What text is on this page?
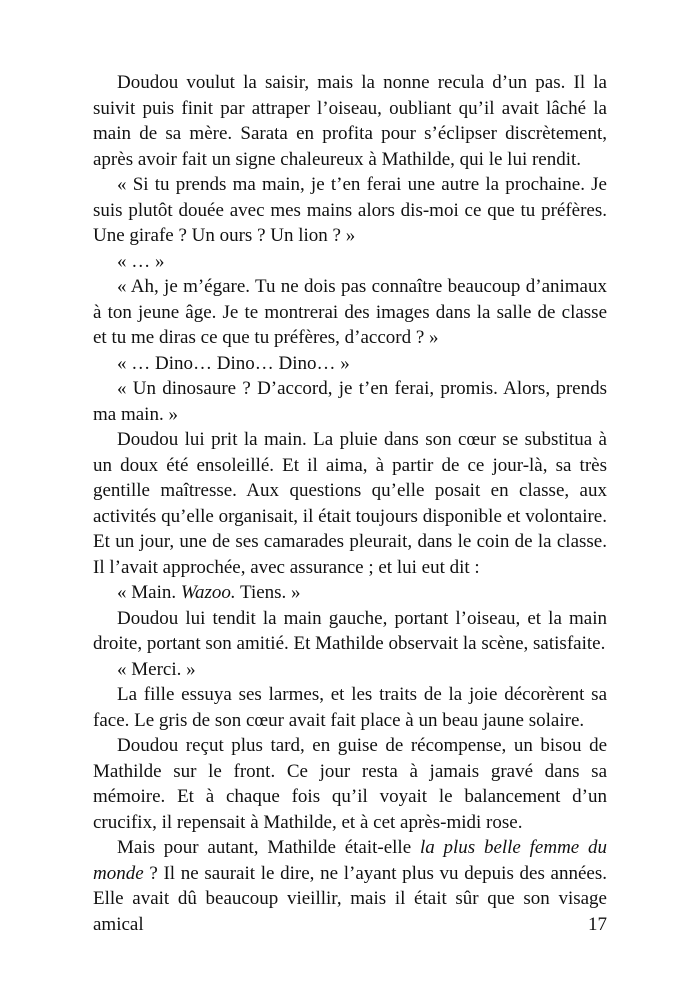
Doudou voulut la saisir, mais la nonne recula d’un pas. Il la suivit puis finit par attraper l’oiseau, oubliant qu’il avait lâché la main de sa mère. Sarata en profita pour s’éclipser discrètement, après avoir fait un signe chaleureux à Mathilde, qui le lui rendit.

« Si tu prends ma main, je t’en ferai une autre la prochaine. Je suis plutôt douée avec mes mains alors dis-moi ce que tu préfères. Une girafe ? Un ours ? Un lion ? »

« … »

« Ah, je m’égare. Tu ne dois pas connaître beaucoup d’animaux à ton jeune âge. Je te montrerai des images dans la salle de classe et tu me diras ce que tu préfères, d’accord ? »

« … Dino… Dino… Dino… »

« Un dinosaure ? D’accord, je t’en ferai, promis. Alors, prends ma main. »

Doudou lui prit la main. La pluie dans son cœur se substitua à un doux été ensoleillé. Et il aima, à partir de ce jour-là, sa très gentille maîtresse. Aux questions qu’elle posait en classe, aux activités qu’elle organisait, il était toujours disponible et volontaire. Et un jour, une de ses camarades pleurait, dans le coin de la classe. Il l’avait approchée, avec assurance ; et lui eut dit :

« Main. Wazoo. Tiens. »

Doudou lui tendit la main gauche, portant l’oiseau, et la main droite, portant son amitié. Et Mathilde observait la scène, satisfaite.

« Merci. »

La fille essuya ses larmes, et les traits de la joie décorèrent sa face. Le gris de son cœur avait fait place à un beau jaune solaire.

Doudou reçut plus tard, en guise de récompense, un bisou de Mathilde sur le front. Ce jour resta à jamais gravé dans sa mémoire. Et à chaque fois qu’il voyait le balancement d’un crucifix, il repensait à Mathilde, et à cet après-midi rose.

Mais pour autant, Mathilde était-elle la plus belle femme du monde ? Il ne saurait le dire, ne l’ayant plus vu depuis des années. Elle avait dû beaucoup vieillir, mais il était sûr que son visage amical	17
